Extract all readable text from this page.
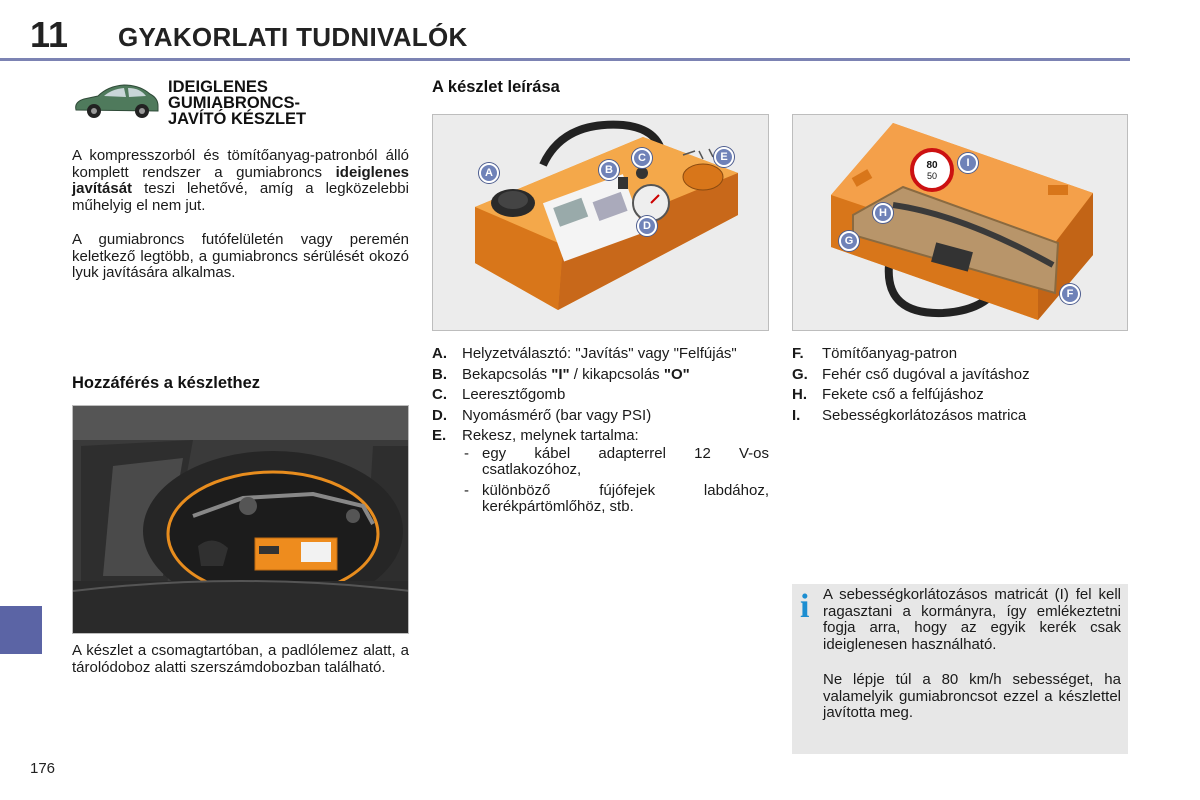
11 GYAKORLATI TUDNIVALÓK
IDEIGLENES
GUMIABRONCS-
JAVÍTÓ KÉSZLET

A kompresszorból és tömítőanyag-patronból álló komplett rendszer a gumiabroncs ideiglenes javítását teszi lehetővé, amíg a legközelebbi műhelyig el nem jut.

A gumiabroncs futófelületén vagy peremén keletkező legtöbb, a gumiabroncs sérülését okozó lyuk javítására alkalmas.

Hozzáférés a készlethez

A készlet a csomagtartóban, a padlólemez alatt, a tárolódoboz alatti szerszámdobozban található.

A készlet leírása
A	B
C
D
E
80
50
G
H
I
F
A.	Helyzetválasztó: "Javítás" vagy "Felfújás"
B.	Bekapcsolás "I" / kikapcsolás "O"
C.	Leeresztőgomb
D.	Nyomásmérő (bar vagy PSI)
E.	Rekesz, melynek tartalma:
- egy kábel adapterrel 12 V-os csatlakozóhoz,
- különböző fújófejek labdához, kerékpártömlőhöz, stb.
F.	Tömítőanyag-patron
G. Fehér cső dugóval a javításhoz
H.	Fekete cső a felfújáshoz
I.	Sebességkorlátozásos matrica
i A sebességkorlátozásos matricát (I) fel kell ragasztani a kormányra, így emlékeztetni fogja arra, hogy az egyik kerék csak ideiglenesen használható.

Ne lépje túl a 80 km/h sebességet, ha valamelyik gumiabroncsot ezzel a készlettel javította meg.

176
